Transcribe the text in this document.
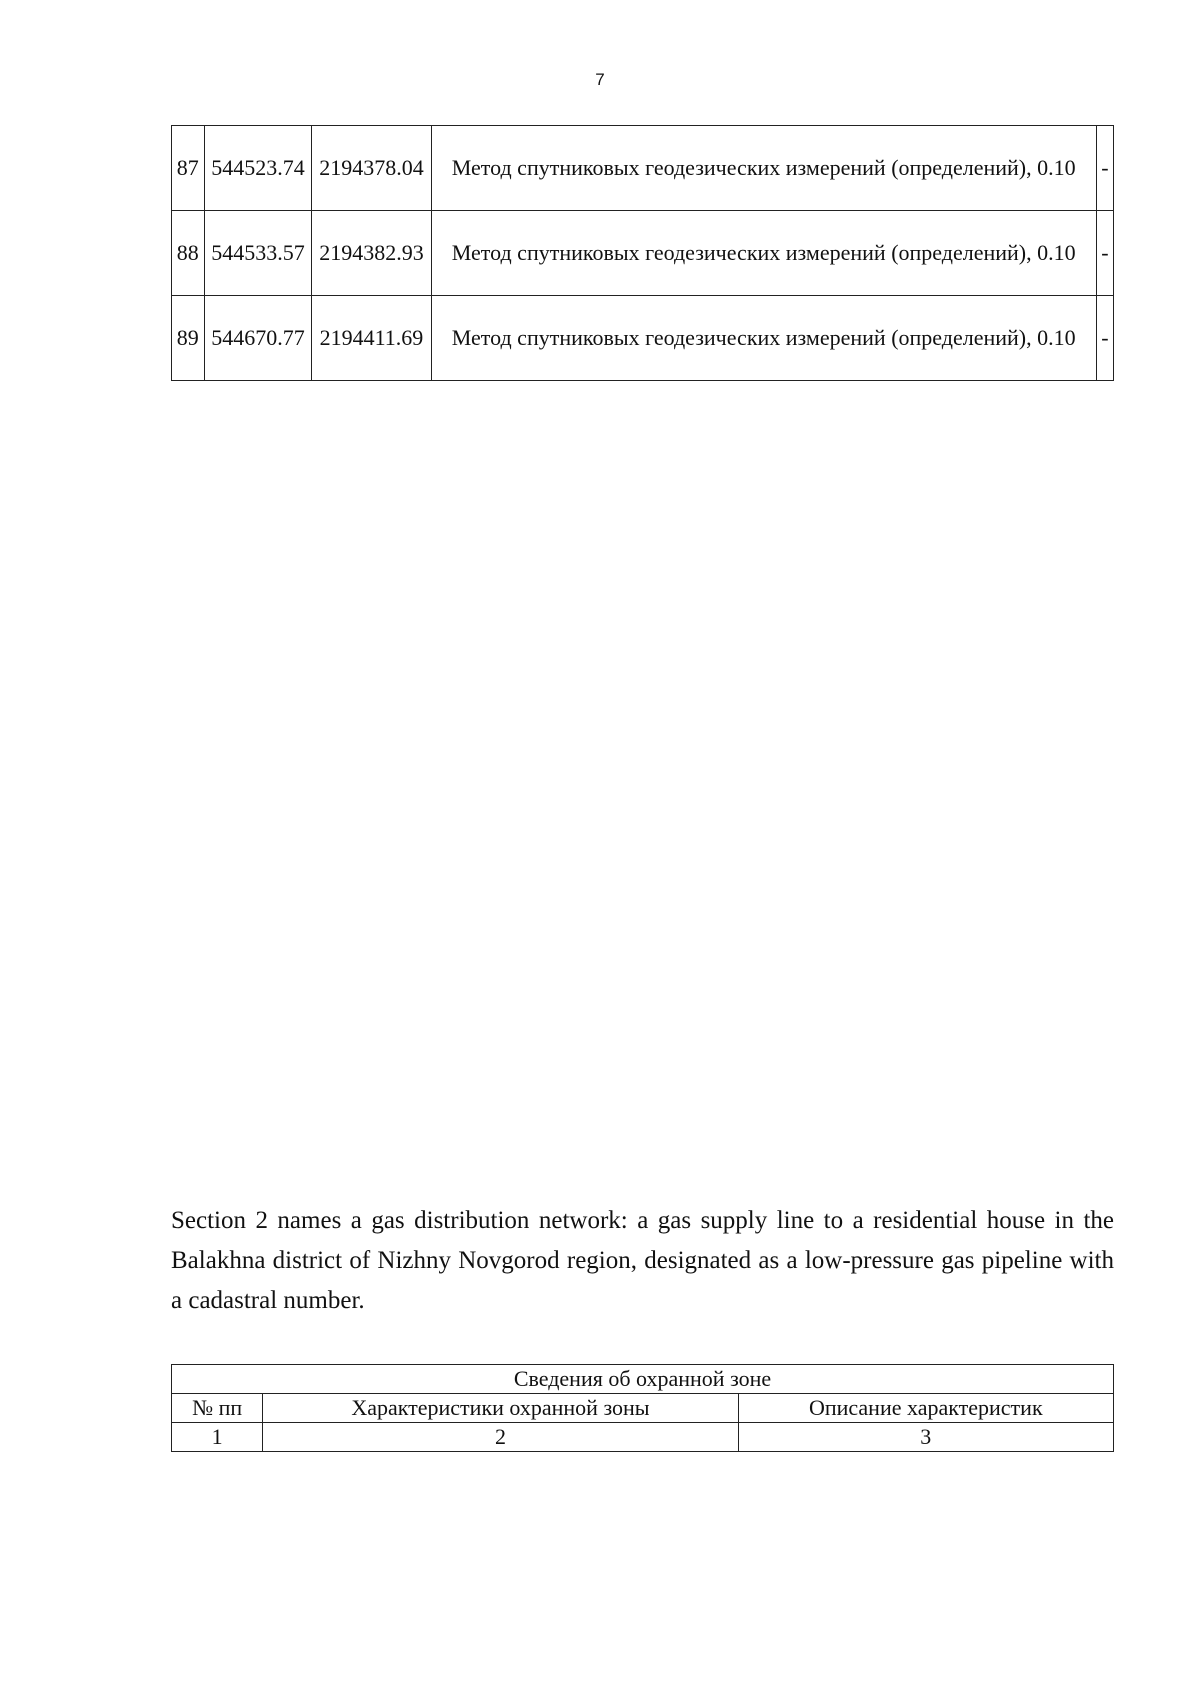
7
87	544523.74	2194378.04	Метод спутниковых геодезических измерений (определений), 0.10	-
88	544533.57	2194382.93	Метод спутниковых геодезических измерений (определений), 0.10	-
89	544670.77	2194411.69	Метод спутниковых геодезических измерений (определений), 0.10	-

Section 2 names a gas distribution network: a gas supply line to a residential house in the Balakhna district of Nizhny Novgorod region, designated as a low-pressure gas pipeline with a cadastral number.

Сведения об охранной зоне		
№ пп	Характеристики охранной зоны	Описание характеристик
1	2	3
